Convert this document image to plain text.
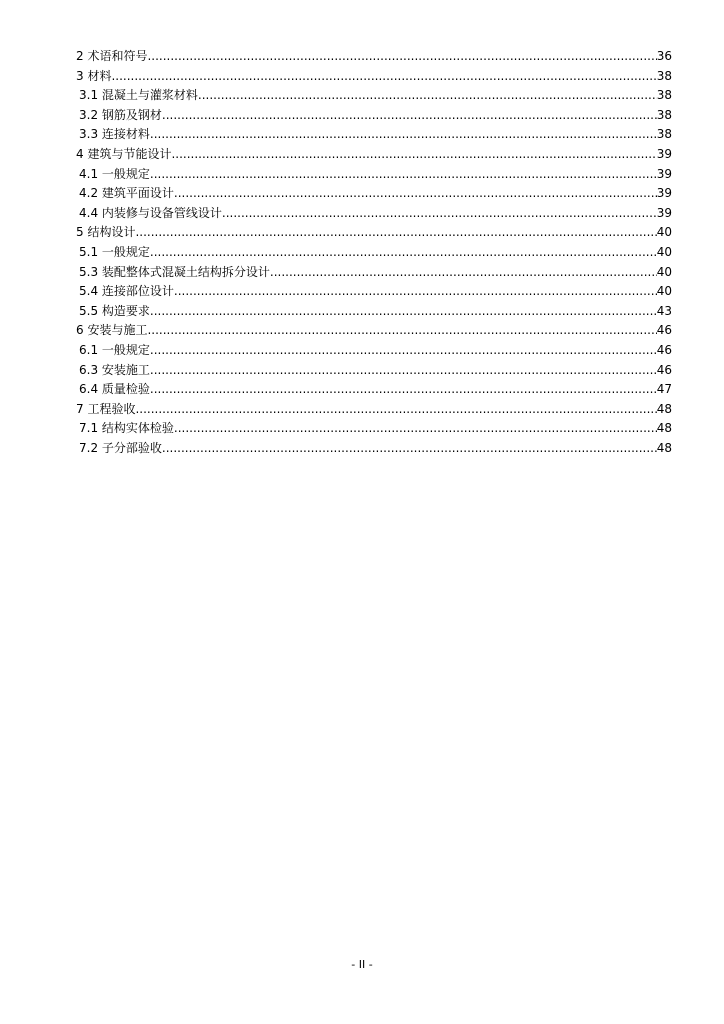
2 术语和符号 .....	36
3 材料 .....	38
3.1 混凝土与灌浆材料 .....	38
3.2 钢筋及钢材 .....	38
3.3 连接材料 .....	38
4 建筑与节能设计 .....	39
4.1 一般规定 .....	39
4.2 建筑平面设计 .....	39
4.4 内装修与设备管线设计 .....	39
5 结构设计 .....	40
5.1 一般规定 .....	40
5.3 装配整体式混凝土结构拆分设计 .....	40
5.4 连接部位设计 .....	40
5.5 构造要求 .....	43
6 安装与施工 .....	46
6.1 一般规定 .....	46
6.3 安装施工 .....	46
6.4 质量检验 .....	47
7 工程验收 .....	48
7.1 结构实体检验 .....	48
7.2 子分部验收 .....	48
- II -
